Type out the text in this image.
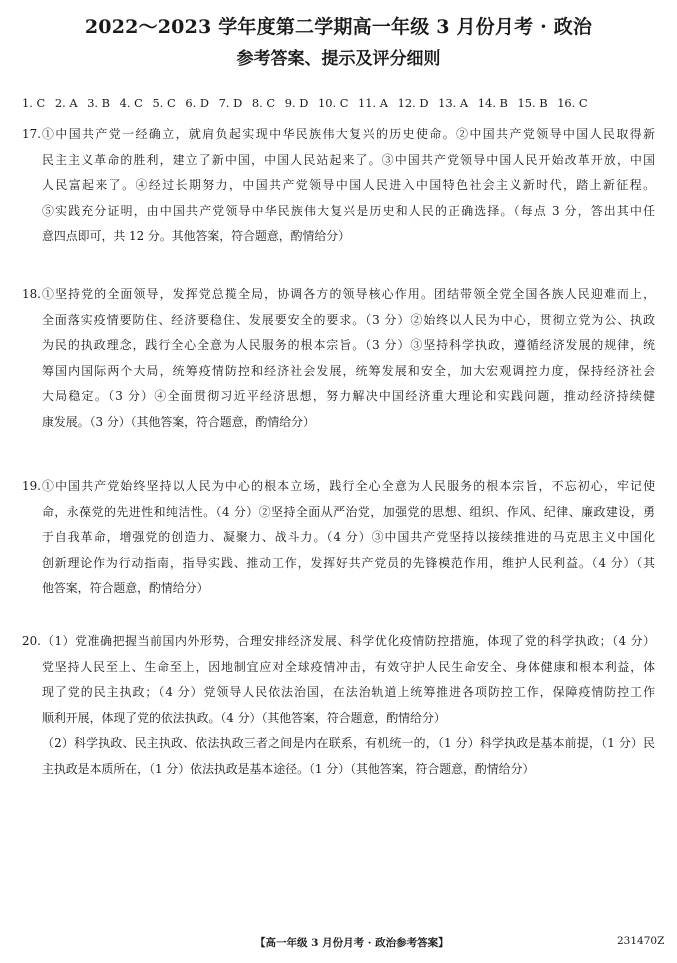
2022～2023 学年度第二学期高一年级 3 月份月考 · 政治
参考答案、提示及评分细则
1. C 2. A 3. B 4. C 5. C 6. D 7. D 8. C 9. D 10. C 11. A 12. D 13. A 14. B 15. B 16. C
17. ①中国共产党一经确立，就肩负起实现中华民族伟大复兴的历史使命。②中国共产党领导中国人民取得新
民主主义革命的胜利，建立了新中国，中国人民站起来了。③中国共产党领导中国人民开始改革开放，中国
人民富起来了。④经过长期努力，中国共产党领导中国人民进入中国特色社会主义新时代，踏上新征程。
⑤实践充分证明，由中国共产党领导中华民族伟大复兴是历史和人民的正确选择。（每点 3 分，答出其中任
意四点即可，共 12 分。其他答案，符合题意，酌情给分）
18. ①坚持党的全面领导，发挥党总揽全局，协调各方的领导核心作用。团结带领全党全国各族人民迎难而上，
全面落实疫情要防住、经济要稳住、发展要安全的要求。（3 分）②始终以人民为中心，贯彻立党为公、执政
为民的执政理念，践行全心全意为人民服务的根本宗旨。（3 分）③坚持科学执政，遵循经济发展的规律，统
筹国内国际两个大局，统筹疫情防控和经济社会发展，统筹发展和安全，加大宏观调控力度，保持经济社会
大局稳定。（3 分）④全面贯彻习近平经济思想，努力解决中国经济重大理论和实践问题，推动经济持续健
康发展。（3 分）（其他答案，符合题意，酌情给分）
19. ①中国共产党始终坚持以人民为中心的根本立场，践行全心全意为人民服务的根本宗旨，不忘初心，牢记使
命，永葆党的先进性和纯洁性。（4 分）②坚持全面从严治党，加强党的思想、组织、作风、纪律、廉政建设，勇
于自我革命，增强党的创造力、凝聚力、战斗力。（4 分）③中国共产党坚持以接续推进的马克思主义中国化
创新理论作为行动指南，指导实践、推动工作，发挥好共产党员的先锋模范作用，维护人民利益。（4 分）（其
他答案，符合题意，酌情给分）
20. （1）党准确把握当前国内外形势，合理安排经济发展、科学优化疫情防控措施，体现了党的科学执政；（4 分）
党坚持人民至上、生命至上，因地制宜应对全球疫情冲击，有效守护人民生命安全、身体健康和根本利益，体
现了党的民主执政；（4 分）党领导人民依法治国，在法治轨道上统筹推进各项防控工作，保障疫情防控工作
顺利开展，体现了党的依法执政。（4 分）（其他答案，符合题意，酌情给分）
（2）科学执政、民主执政、依法执政三者之间是内在联系，有机统一的，（1 分）科学执政是基本前提，（1 分）民
主执政是本质所在，（1 分）依法执政是基本途径。（1 分）（其他答案，符合题意，酌情给分）
【高一年级 3 月份月考 · 政治参考答案】	231470Z
